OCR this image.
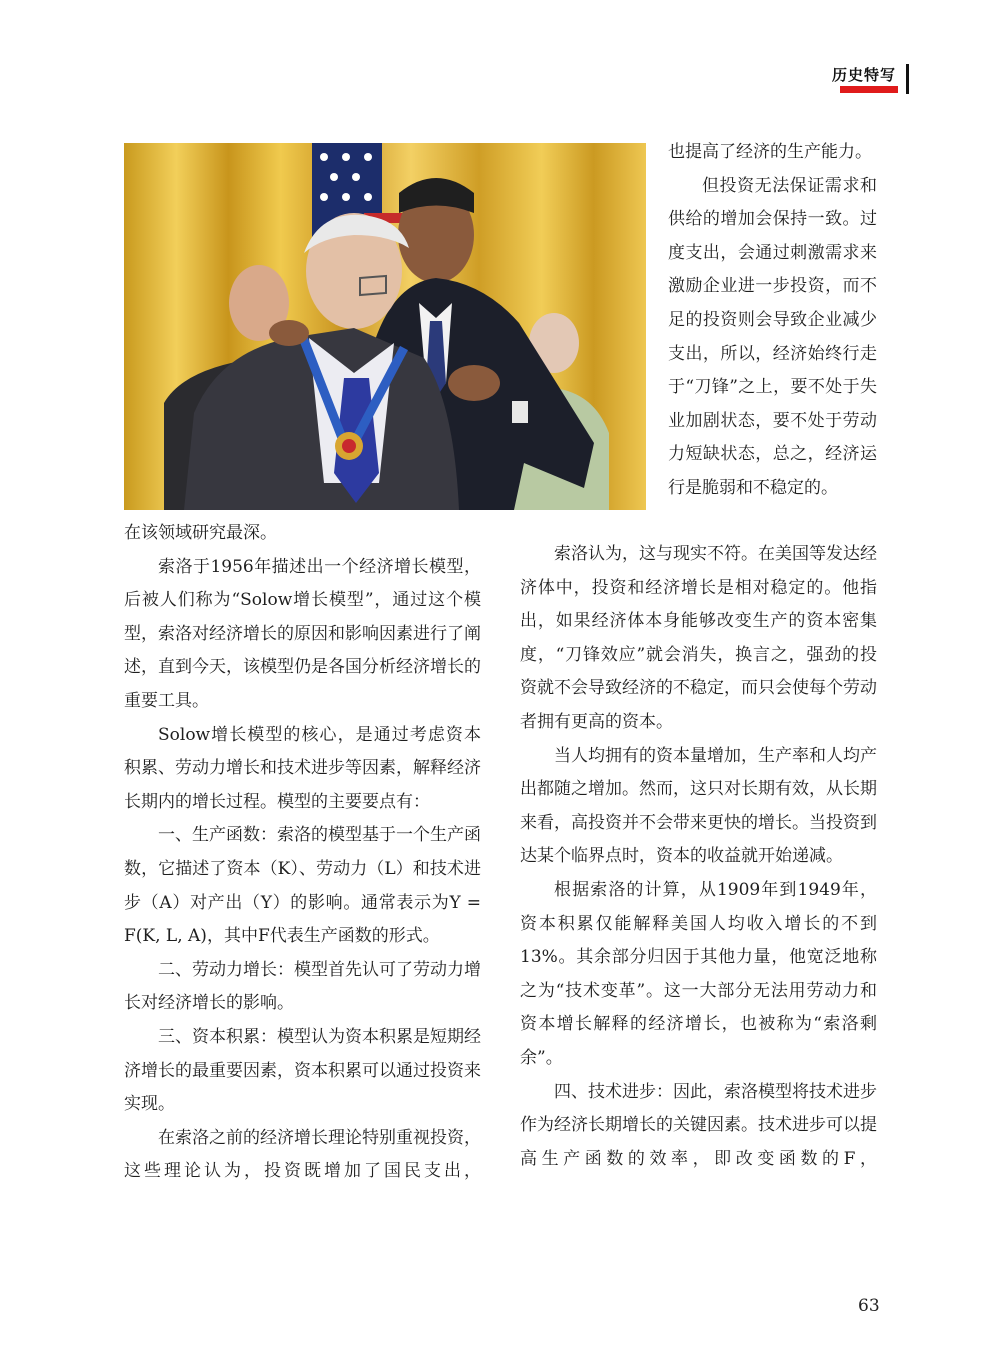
历史特写

也提高了经济的生产能力。

但投资无法保证需求和供给的增加会保持一致。过度支出，会通过刺激需求来激励企业进一步投资，而不足的投资则会导致企业减少支出，所以，经济始终行走于“刀锋”之上，要不处于失业加剧状态，要不处于劳动力短缺状态，总之，经济运行是脆弱和不稳定的。

在该领域研究最深。

索洛于1956年描述出一个经济增长模型，后被人们称为“Solow增长模型”，通过这个模型，索洛对经济增长的原因和影响因素进行了阐述，直到今天，该模型仍是各国分析经济增长的重要工具。

Solow增长模型的核心，是通过考虑资本积累、劳动力增长和技术进步等因素，解释经济长期内的增长过程。模型的主要要点有：

一、生产函数：索洛的模型基于一个生产函数，它描述了资本（K）、劳动力（L）和技术进步（A）对产出（Y）的影响。通常表示为Y = F(K, L, A)，其中F代表生产函数的形式。

二、劳动力增长：模型首先认可了劳动力增长对经济增长的影响。

三、资本积累：模型认为资本积累是短期经济增长的最重要因素，资本积累可以通过投资来实现。

在索洛之前的经济增长理论特别重视投资，这些理论认为，投资既增加了国民支出，

索洛认为，这与现实不符。在美国等发达经济体中，投资和经济增长是相对稳定的。他指出，如果经济体本身能够改变生产的资本密集度，“刀锋效应”就会消失，换言之，强劲的投资就不会导致经济的不稳定，而只会使每个劳动者拥有更高的资本。

当人均拥有的资本量增加，生产率和人均产出都随之增加。然而，这只对长期有效，从长期来看，高投资并不会带来更快的增长。当投资到达某个临界点时，资本的收益就开始递减。

根据索洛的计算，从1909年到1949年，资本积累仅能解释美国人均收入增长的不到13%。其余部分归因于其他力量，他宽泛地称之为“技术变革”。这一大部分无法用劳动力和资本增长解释的经济增长，也被称为“索洛剩余”。

四、技术进步：因此，索洛模型将技术进步作为经济长期增长的关键因素。技术进步可以提高生产函数的效率，即改变函数的F，

63
